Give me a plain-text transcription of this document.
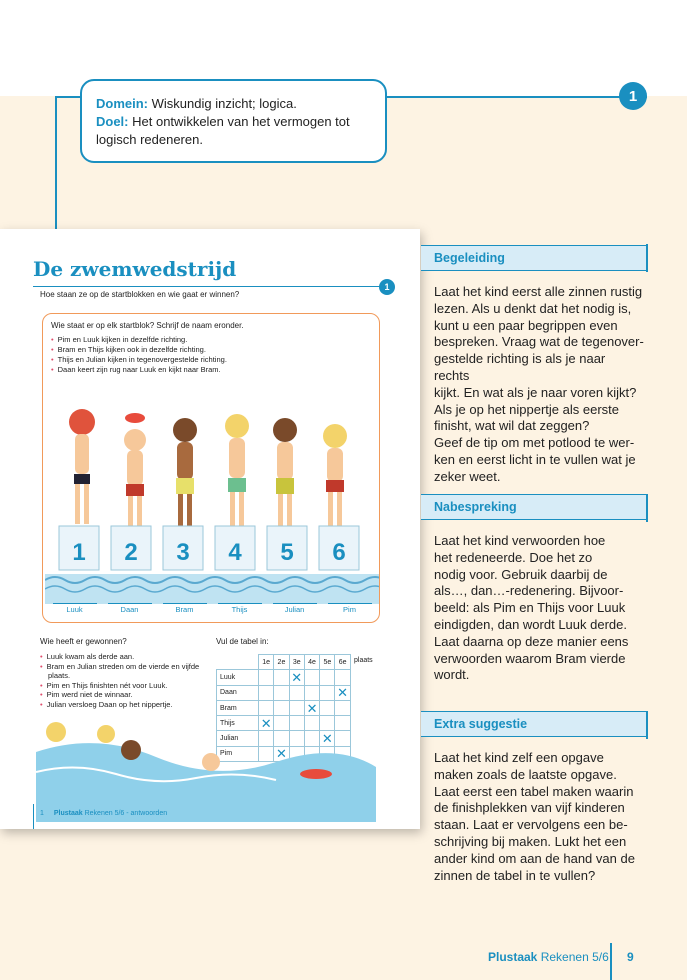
1
Domein: Wiskundig inzicht; logica.
Doel: Het ontwikkelen van het vermogen tot logisch redeneren.
De zwemwedstrijd
Hoe staan ze op de startblokken en wie gaat er winnen?
1
Wie staat er op elk startblok? Schrijf de naam eronder.
• Pim en Luuk kijken in dezelfde richting.
• Bram en Thijs kijken ook in dezelfde richting.
• Thijs en Julian kijken in tegenovergestelde richting.
• Daan keert zijn rug naar Luuk en kijkt naar Bram.
1 2 3 4 5 6
Luuk	Daan	Bram	Thijs	Julian	Pim
Wie heeft er gewonnen?
• Luuk kwam als derde aan.
• Bram en Julian streden om de vierde en vijfde plaats.
• Pim en Thijs finishten nét voor Luuk.
• Pim werd niet de winnaar.
• Julian versloeg Daan op het nippertje.
Vul de tabel in:
plaats
	1e	2e	3e	4e	5e	6e
Luuk			✕			
Daan						✕
Bram				✕		
Thijs	✕					
Julian					✕	
Pim		✕				
1 Plustaak Rekenen 5/6 - antwoorden
Begeleiding
Laat het kind eerst alle zinnen rustig
lezen. Als u denkt dat het nodig is,
kunt u een paar begrippen even
bespreken. Vraag wat de tegenover-
gestelde richting is als je naar rechts
kijkt. En wat als je naar voren kijkt?
Als je op het nippertje als eerste
finisht, wat wil dat zeggen?
Geef de tip om met potlood te wer-
ken en eerst licht in te vullen wat je
zeker weet.
Nabespreking
Laat het kind verwoorden hoe
het redeneerde. Doe het zo
nodig voor. Gebruik daarbij de
als…, dan…-redenering. Bijvoor-
beeld: als Pim en Thijs voor Luuk
eindigden, dan wordt Luuk derde.
Laat daarna op deze manier eens
verwoorden waarom Bram vierde
wordt.
Extra suggestie
Laat het kind zelf een opgave
maken zoals de laatste opgave.
Laat eerst een tabel maken waarin
de finishplekken van vijf kinderen
staan. Laat er vervolgens een be-
schrijving bij maken. Lukt het een
ander kind om aan de hand van de
zinnen de tabel in te vullen?
Plustaak Rekenen 5/6 9
